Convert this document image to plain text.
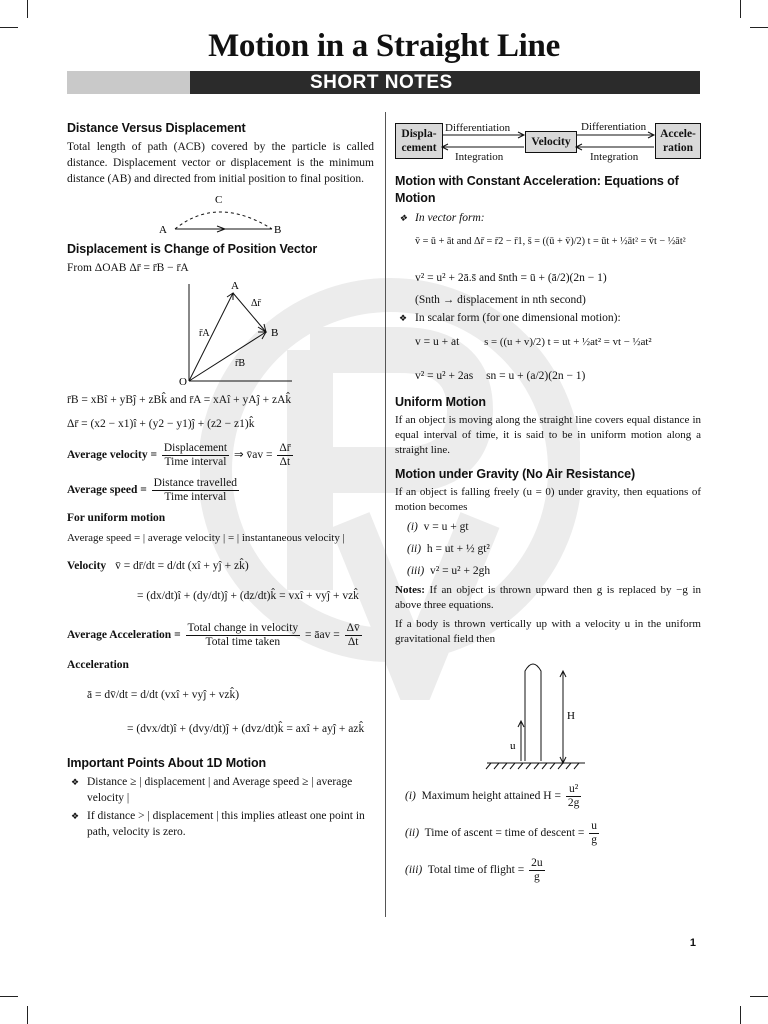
Motion in a Straight Line
SHORT NOTES
Distance Versus Displacement
Total length of path (ACB) covered by the particle is called distance. Displacement vector or displacement is the minimum distance (AB) and directed from initial position to final position.
A	B
C
Displacement is Change of Position Vector
From ΔOAB Δr̄ = r̄B − r̄A
O
A
B
r̄A
r̄B
Δr̄
r̄B = xBî + yBĵ + zBk̂ and r̄A = xAî + yAĵ + zAk̂
Δr̄ = (x2 − x1)î + (y2 − y1)ĵ + (z2 − z1)k̂
Average velocity = $\frac{\text{Displacement}}{\text{Time interval}}$ ⇒ v̄av = $\frac{\Delta r̄}{\Delta t}$
Average speed = $\frac{\text{Distance travelled}}{\text{Time interval}}$
For uniform motion
Average speed = | average velocity | = | instantaneous velocity |
Velocity v̄ = dr̄/dt = d/dt (xî + yĵ + zk̂)
= (dx/dt)î + (dy/dt)ĵ + (dz/dt)k̂ = vxî + vyĵ + vzk̂
Average Acceleration = $\frac{\text{Total change in velocity}}{\text{Total time taken}}$ = āav = $\frac{\Delta v̄}{\Delta t}$
Acceleration
ā = dv̄/dt = d/dt (vxî + vyĵ + vzk̂)
= (dvx/dt)î + (dvy/dt)ĵ + (dvz/dt)k̂ = axî + ayĵ + azk̂
Important Points About 1D Motion
❖ Distance ≥ | displacement | and Average speed ≥ | average velocity |
❖ If distance > | displacement | this implies atleast one point in path, velocity is zero.
Displa-cement	Velocity
Accele-ration
Differentiation
Integration
Differentiation
Integration
Motion with Constant Acceleration: Equations of Motion
❖ In vector form:
v̄ = ū + āt and Δr̄ = r̄2 − r̄1, s̄ = ((ū + v̄)/2) t = ūt + ½āt² = v̄t − ½āt²
v² = u² + 2ā.s̄ and s̄nth = ū + (ā/2)(2n − 1)
(Snth → displacement in nth second)
❖ In scalar form (for one dimensional motion):
v = u + at s = ((u + v)/2) t = ut + ½at² = vt − ½at²
v² = u² + 2as sn = u + (a/2)(2n − 1)
Uniform Motion
If an object is moving along the straight line covers equal distance in equal interval of time, it is said to be in uniform motion along a straight line.
Motion under Gravity (No Air Resistance)
If an object is falling freely (u = 0) under gravity, then equations of motion becomes
(i) v = u + gt
(ii) h = ut + ½ gt²
(iii) v² = u² + 2gh
Notes: If an object is thrown upward then g is replaced by −g in above three equations.
If a body is thrown vertically up with a velocity u in the uniform gravitational field then
H
u
(i) Maximum height attained $H = \frac{\text{u²}}{2g}$
(ii) Time of ascent = time of descent = $\frac{u}{g}$
(iii) Total time of flight = $\frac{2u}{g}$
1
